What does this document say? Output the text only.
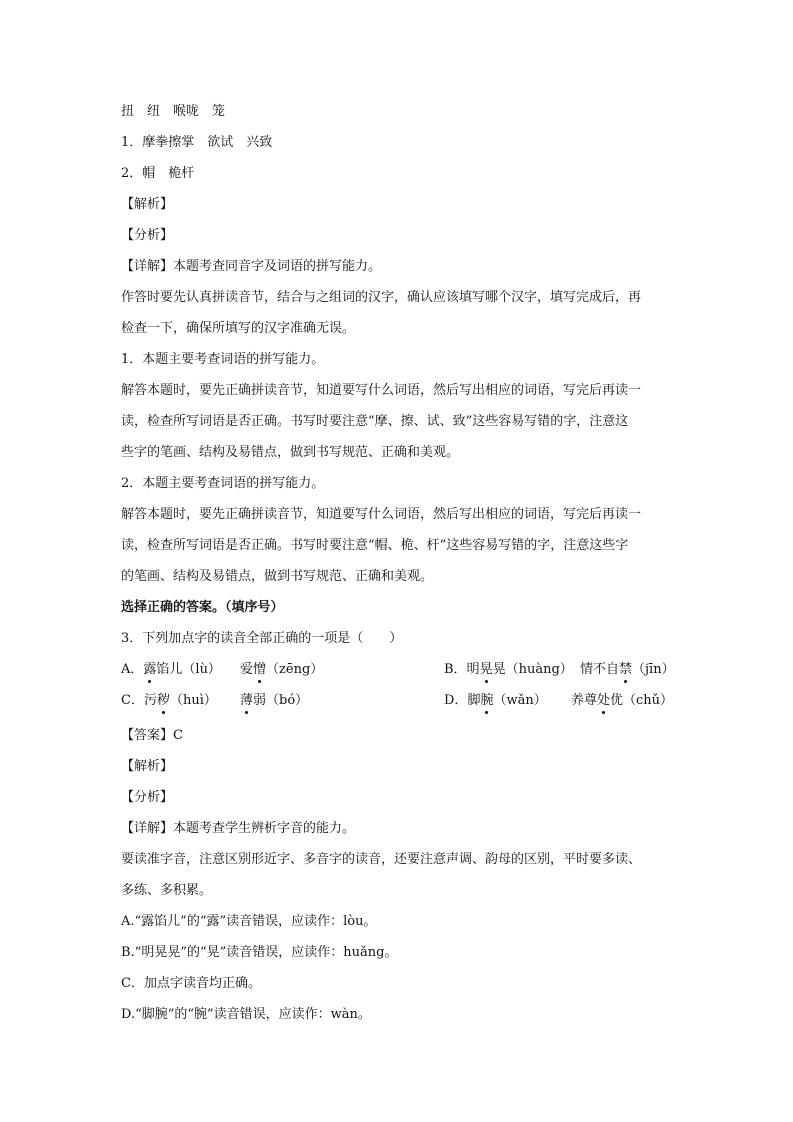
扭　纽　喉咙　笼
1．摩拳擦掌　欲试　兴致
2．帽　桅杆
【解析】
【分析】
【详解】本题考查同音字及词语的拼写能力。
作答时要先认真拼读音节，结合与之组词的汉字，确认应该填写哪个汉字，填写完成后，再
检查一下，确保所填写的汉字准确无误。
1．本题主要考查词语的拼写能力。
解答本题时，要先正确拼读音节，知道要写什么词语，然后写出相应的词语，写完后再读一
读，检查所写词语是否正确。书写时要注意“摩、擦、试、致”这些容易写错的字，注意这
些字的笔画、结构及易错点，做到书写规范、正确和美观。
2．本题主要考查词语的拼写能力。
解答本题时，要先正确拼读音节，知道要写什么词语，然后写出相应的词语，写完后再读一
读，检查所写词语是否正确。书写时要注意“帽、桅、杆”这些容易写错的字，注意这些字
的笔画、结构及易错点，做到书写规范、正确和美观。
选择正确的答案。（填序号）
3．下列加点字的读音全部正确的一项是（　　）
A．露馅儿（lù） 爱憎（zēng）	B．明晃晃（huàng） 情不自禁（jīn）
C．污秽（huì） 薄弱（bó）	D．脚腕（wǎn） 养尊处优（chǔ）
【答案】C
【解析】
【分析】
【详解】本题考查学生辨析字音的能力。
要读准字音，注意区别形近字、多音字的读音，还要注意声调、韵母的区别，平时要多读、
多练、多积累。
A.“露馅儿”的“露”读音错误，应读作：lòu。
B.“明晃晃”的“晃”读音错误，应读作：huǎng。
C．加点字读音均正确。
D.“脚腕”的“腕”读音错误，应读作：wàn。
